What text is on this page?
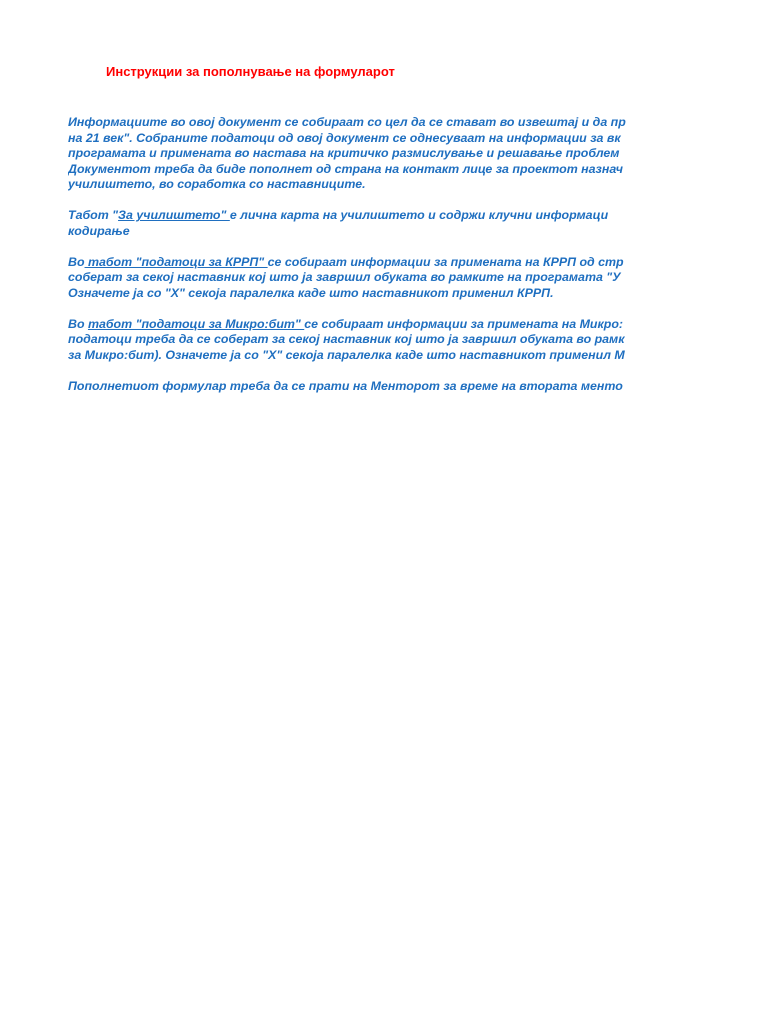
Инструкции за пополнување на формуларот
Информациите во овој документ се собираат со цел да се стават во извештај и да пр
на 21 век". Собраните податоци од овој документ се однесуваат на информации за вк
програмата и примената во настава на критичко размислување и решавање проблем
Документот треба да биде пополнет од страна на контакт лице за проектот назнач
училиштето, во соработка со наставниците.
Табот "За училиштето" е лична карта на училиштето и содржи клучни информаци
кодирање
Во табот "податоци за КРРП" се собираат информации за примената на КРРП од стр
соберат за секој наставник кој што ја завршил обуката во рамките на програмата "У
Означете ја со "X" секоја паралелка каде што наставникот применил КРРП.
Во табот "податоци за Микро:бит" се собираат информации за примената на Микро:
податоци треба да се соберат за секој наставник кој што ја завршил обуката во рамк
за Микро:бит). Означете ја со "X" секоја паралелка каде што наставникот применил М
Пополнетиот формулар треба да се прати на Менторот за време на втората менто
